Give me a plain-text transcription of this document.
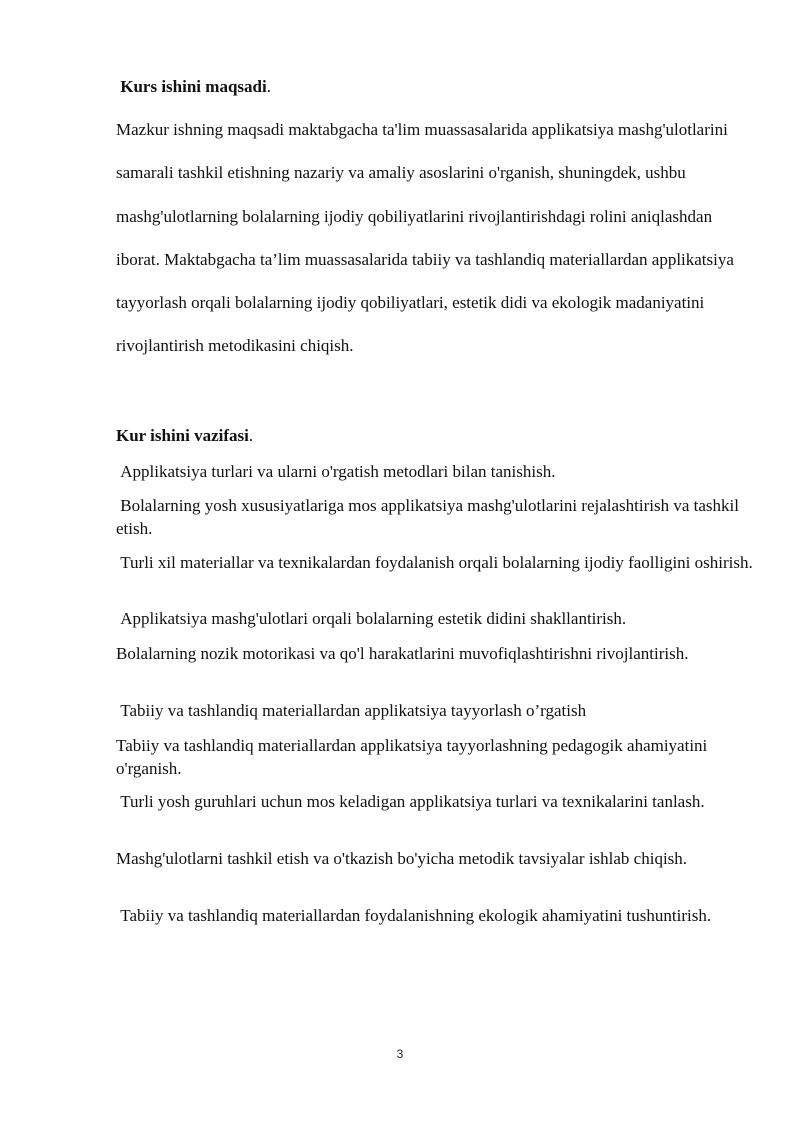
Kurs ishini maqsadi.

Mazkur ishning maqsadi maktabgacha ta'lim muassasalarida applikatsiya mashg'ulotlarini samarali tashkil etishning nazariy va amaliy asoslarini o'rganish, shuningdek, ushbu mashg'ulotlarning bolalarning ijodiy qobiliyatlarini rivojlantirishdagi rolini aniqlashdan iborat. Maktabgacha ta’lim muassasalarida tabiiy va tashlandiq materiallardan applikatsiya tayyorlash orqali bolalarning ijodiy qobiliyatlari, estetik didi va ekologik madaniyatini rivojlantirish metodikasini chiqish.

Kur ishini vazifasi.

Applikatsiya turlari va ularni o'rgatish metodlari bilan tanishish.

Bolalarning yosh xususiyatlariga mos applikatsiya mashg'ulotlarini rejalashtirish va tashkil etish.

Turli xil materiallar va texnikalardan foydalanish orqali bolalarning ijodiy faolligini oshirish.

Applikatsiya mashg'ulotlari orqali bolalarning estetik didini shakllantirish.

Bolalarning nozik motorikasi va qo'l harakatlarini muvofiqlashtirishni rivojlantirish.

Tabiiy va tashlandiq materiallardan applikatsiya tayyorlash o’rgatish

Tabiiy va tashlandiq materiallardan applikatsiya tayyorlashning pedagogik ahamiyatini o'rganish.

Turli yosh guruhlari uchun mos keladigan applikatsiya turlari va texnikalarini tanlash.

Mashg'ulotlarni tashkil etish va o'tkazish bo'yicha metodik tavsiyalar ishlab chiqish.

Tabiiy va tashlandiq materiallardan foydalanishning ekologik ahamiyatini tushuntirish.

3
